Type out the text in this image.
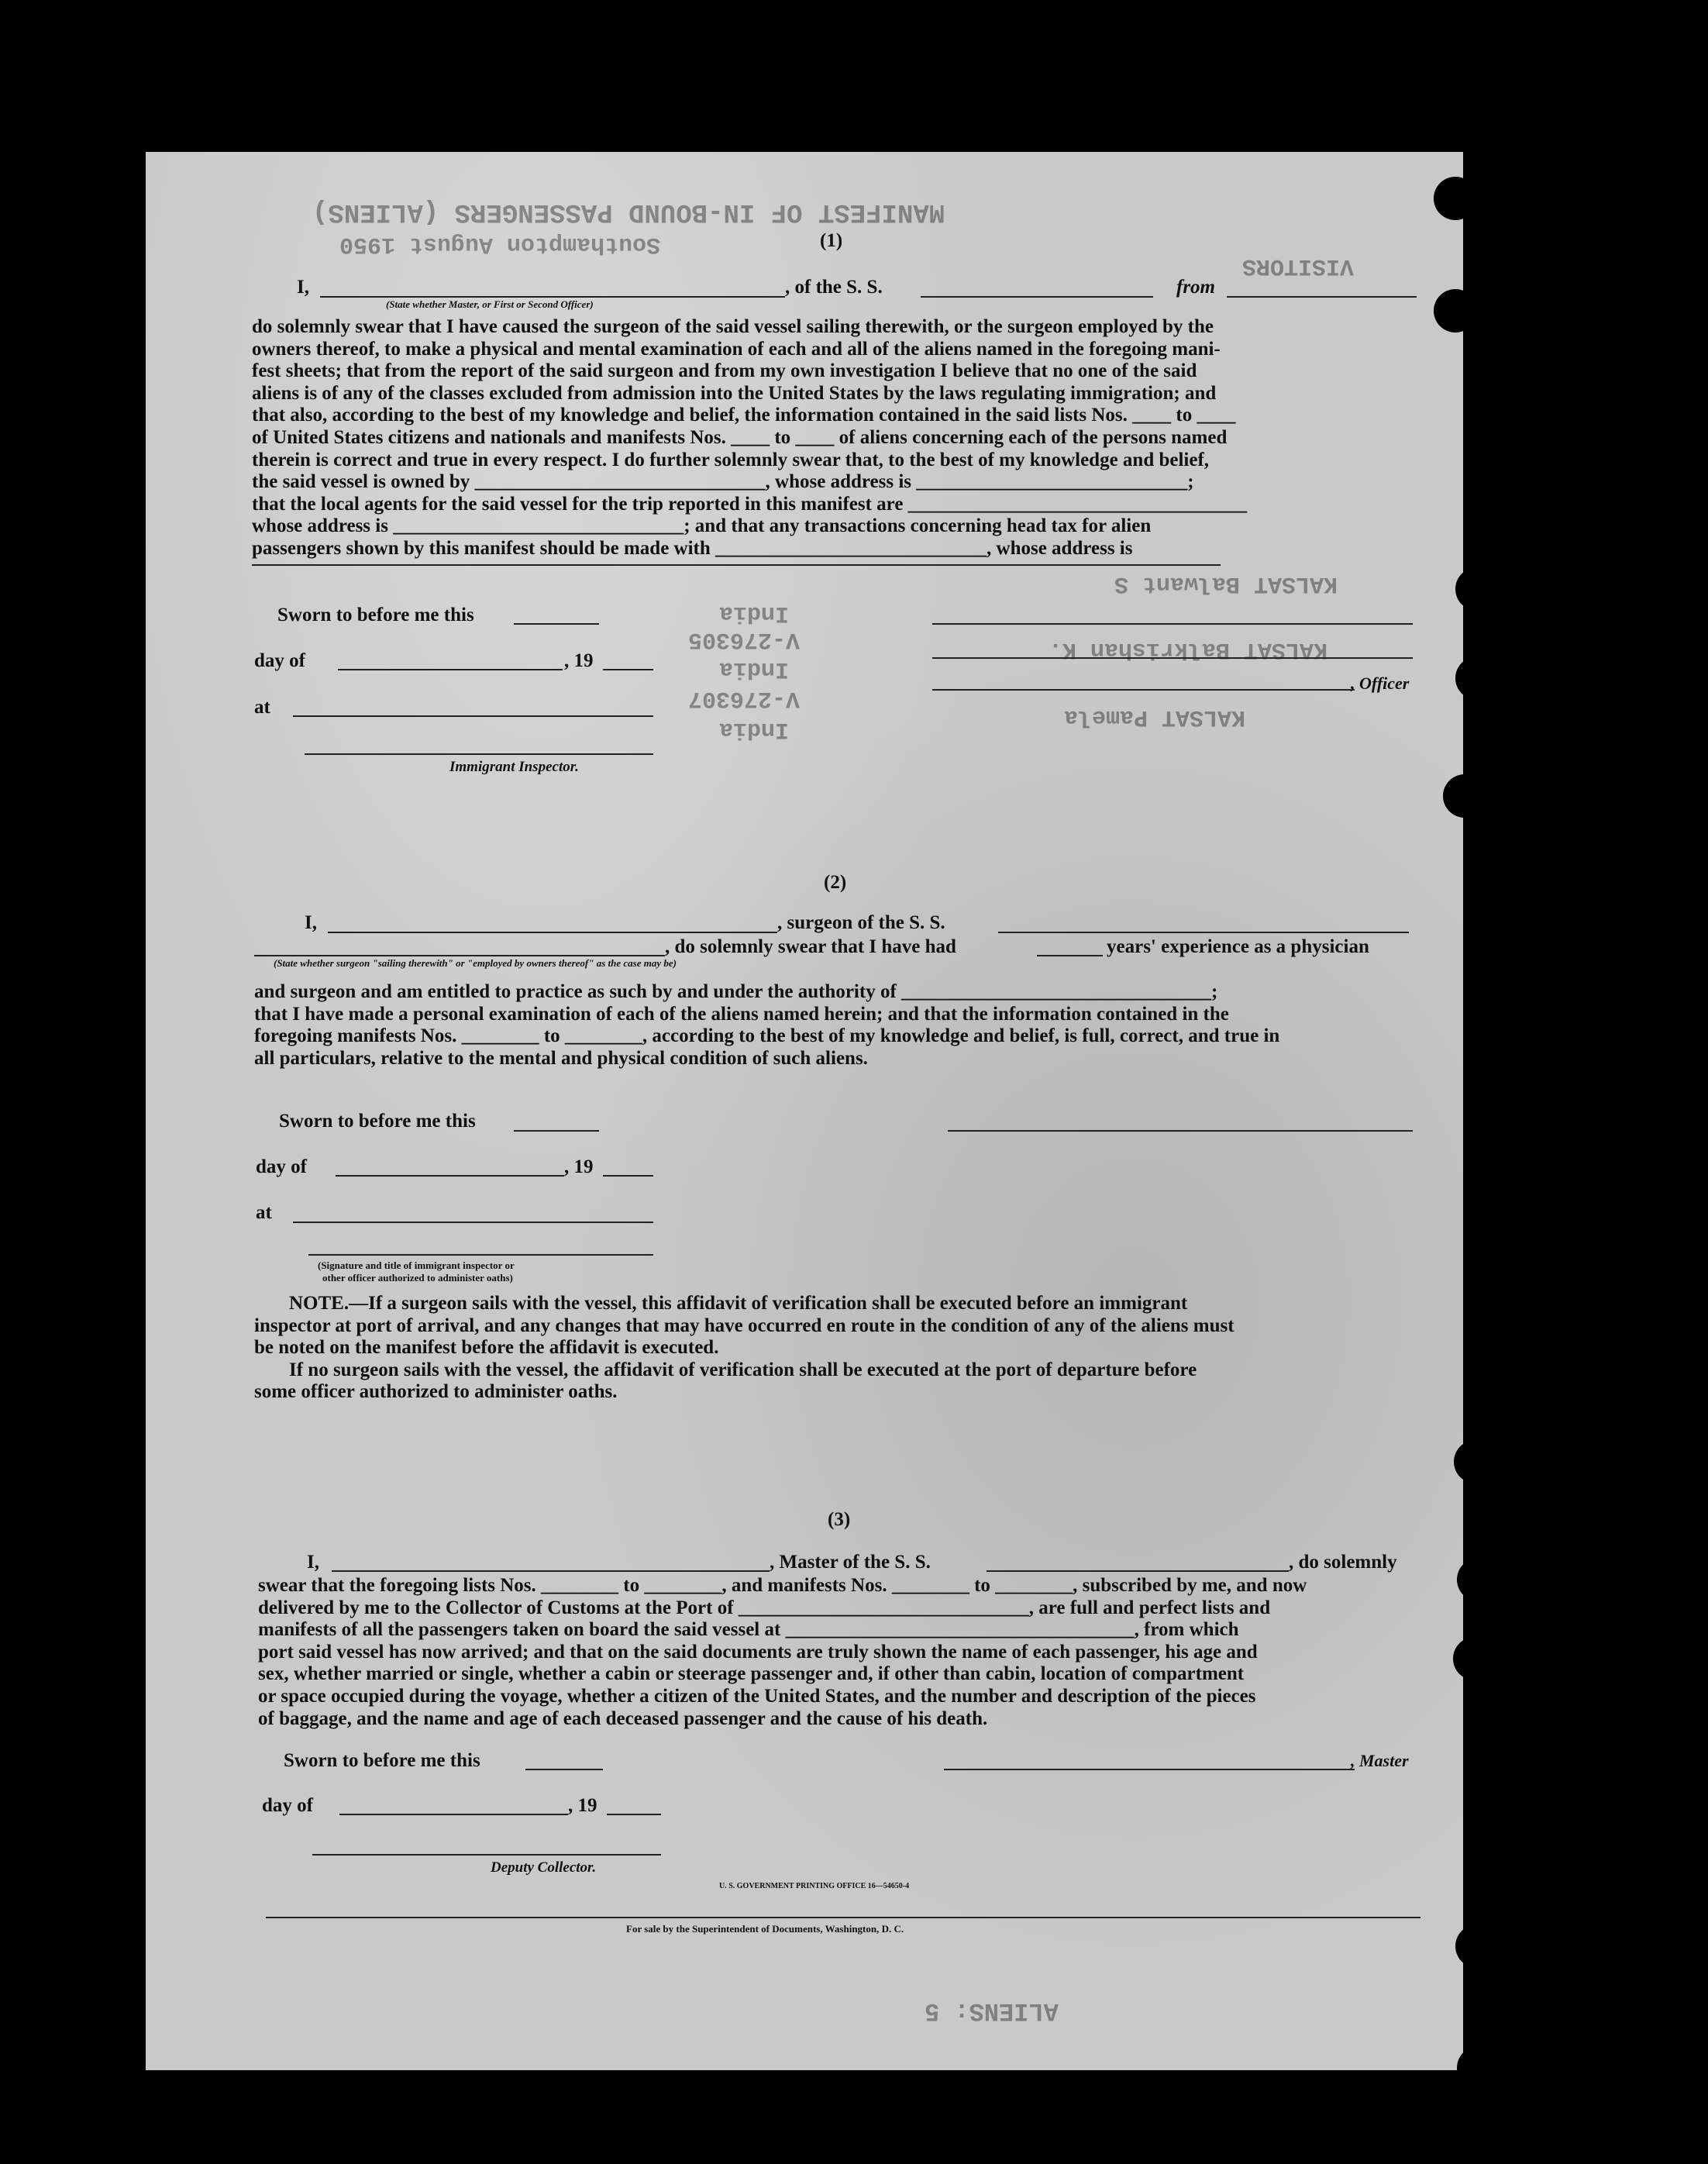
MANIFEST OF IN-BOUND PASSENGERS (ALIENS)
Southampton August 1950
VISITORS
KALSAT Balwant S
KALSAT Balkrishan K.
KALSAT Pamela
India
V-276305
India
V-276307
India
ALIENS: 5
(1)
I,
(State whether Master, or First or Second Officer)
, of the S. S.	from
do solemnly swear that I have caused the surgeon of the said vessel sailing therewith, or the surgeon employed by the
owners thereof, to make a physical and mental examination of each and all of the aliens named in the foregoing mani-
fest sheets; that from the report of the said surgeon and from my own investigation I believe that no one of the said
aliens is of any of the classes excluded from admission into the United States by the laws regulating immigration; and
that also, according to the best of my knowledge and belief, the information contained in the said lists Nos. ____ to ____
of United States citizens and nationals and manifests Nos. ____ to ____ of aliens concerning each of the persons named
therein is correct and true in every respect. I do further solemnly swear that, to the best of my knowledge and belief,
the said vessel is owned by ______________________________, whose address is ____________________________;
that the local agents for the said vessel for the trip reported in this manifest are ___________________________________
whose address is ______________________________; and that any transactions concerning head tax for alien
passengers shown by this manifest should be made with ____________________________, whose address is
Sworn to before me this
day of	, 19
at
Immigrant Inspector.
, Officer
(2)
I,	, surgeon of the S. S.
, do solemnly swear that I have had	years' experience as a physician
(State whether surgeon "sailing therewith" or "employed by owners thereof" as the case may be)
and surgeon and am entitled to practice as such by and under the authority of ________________________________;
that I have made a personal examination of each of the aliens named herein; and that the information contained in the
foregoing manifests Nos. ________ to ________, according to the best of my knowledge and belief, is full, correct, and true in
all particulars, relative to the mental and physical condition of such aliens.
Sworn to before me this
day of	, 19
at
(Signature and title of immigrant inspector or
other officer authorized to administer oaths)
NOTE.—If a surgeon sails with the vessel, this affidavit of verification shall be executed before an immigrant
inspector at port of arrival, and any changes that may have occurred en route in the condition of any of the aliens must
be noted on the manifest before the affidavit is executed.
If no surgeon sails with the vessel, the affidavit of verification shall be executed at the port of departure before
some officer authorized to administer oaths.
(3)
I,	, Master of the S. S.	, do solemnly
swear that the foregoing lists Nos. ________ to ________, and manifests Nos. ________ to ________, subscribed by me, and now
delivered by me to the Collector of Customs at the Port of ______________________________, are full and perfect lists and
manifests of all the passengers taken on board the said vessel at ____________________________________, from which
port said vessel has now arrived; and that on the said documents are truly shown the name of each passenger, his age and
sex, whether married or single, whether a cabin or steerage passenger and, if other than cabin, location of compartment
or space occupied during the voyage, whether a citizen of the United States, and the number and description of the pieces
of baggage, and the name and age of each deceased passenger and the cause of his death.
Sworn to before me this
day of	, 19
Deputy Collector.
, Master
U. S. GOVERNMENT PRINTING OFFICE 16—54650-4
For sale by the Superintendent of Documents, Washington, D. C.
